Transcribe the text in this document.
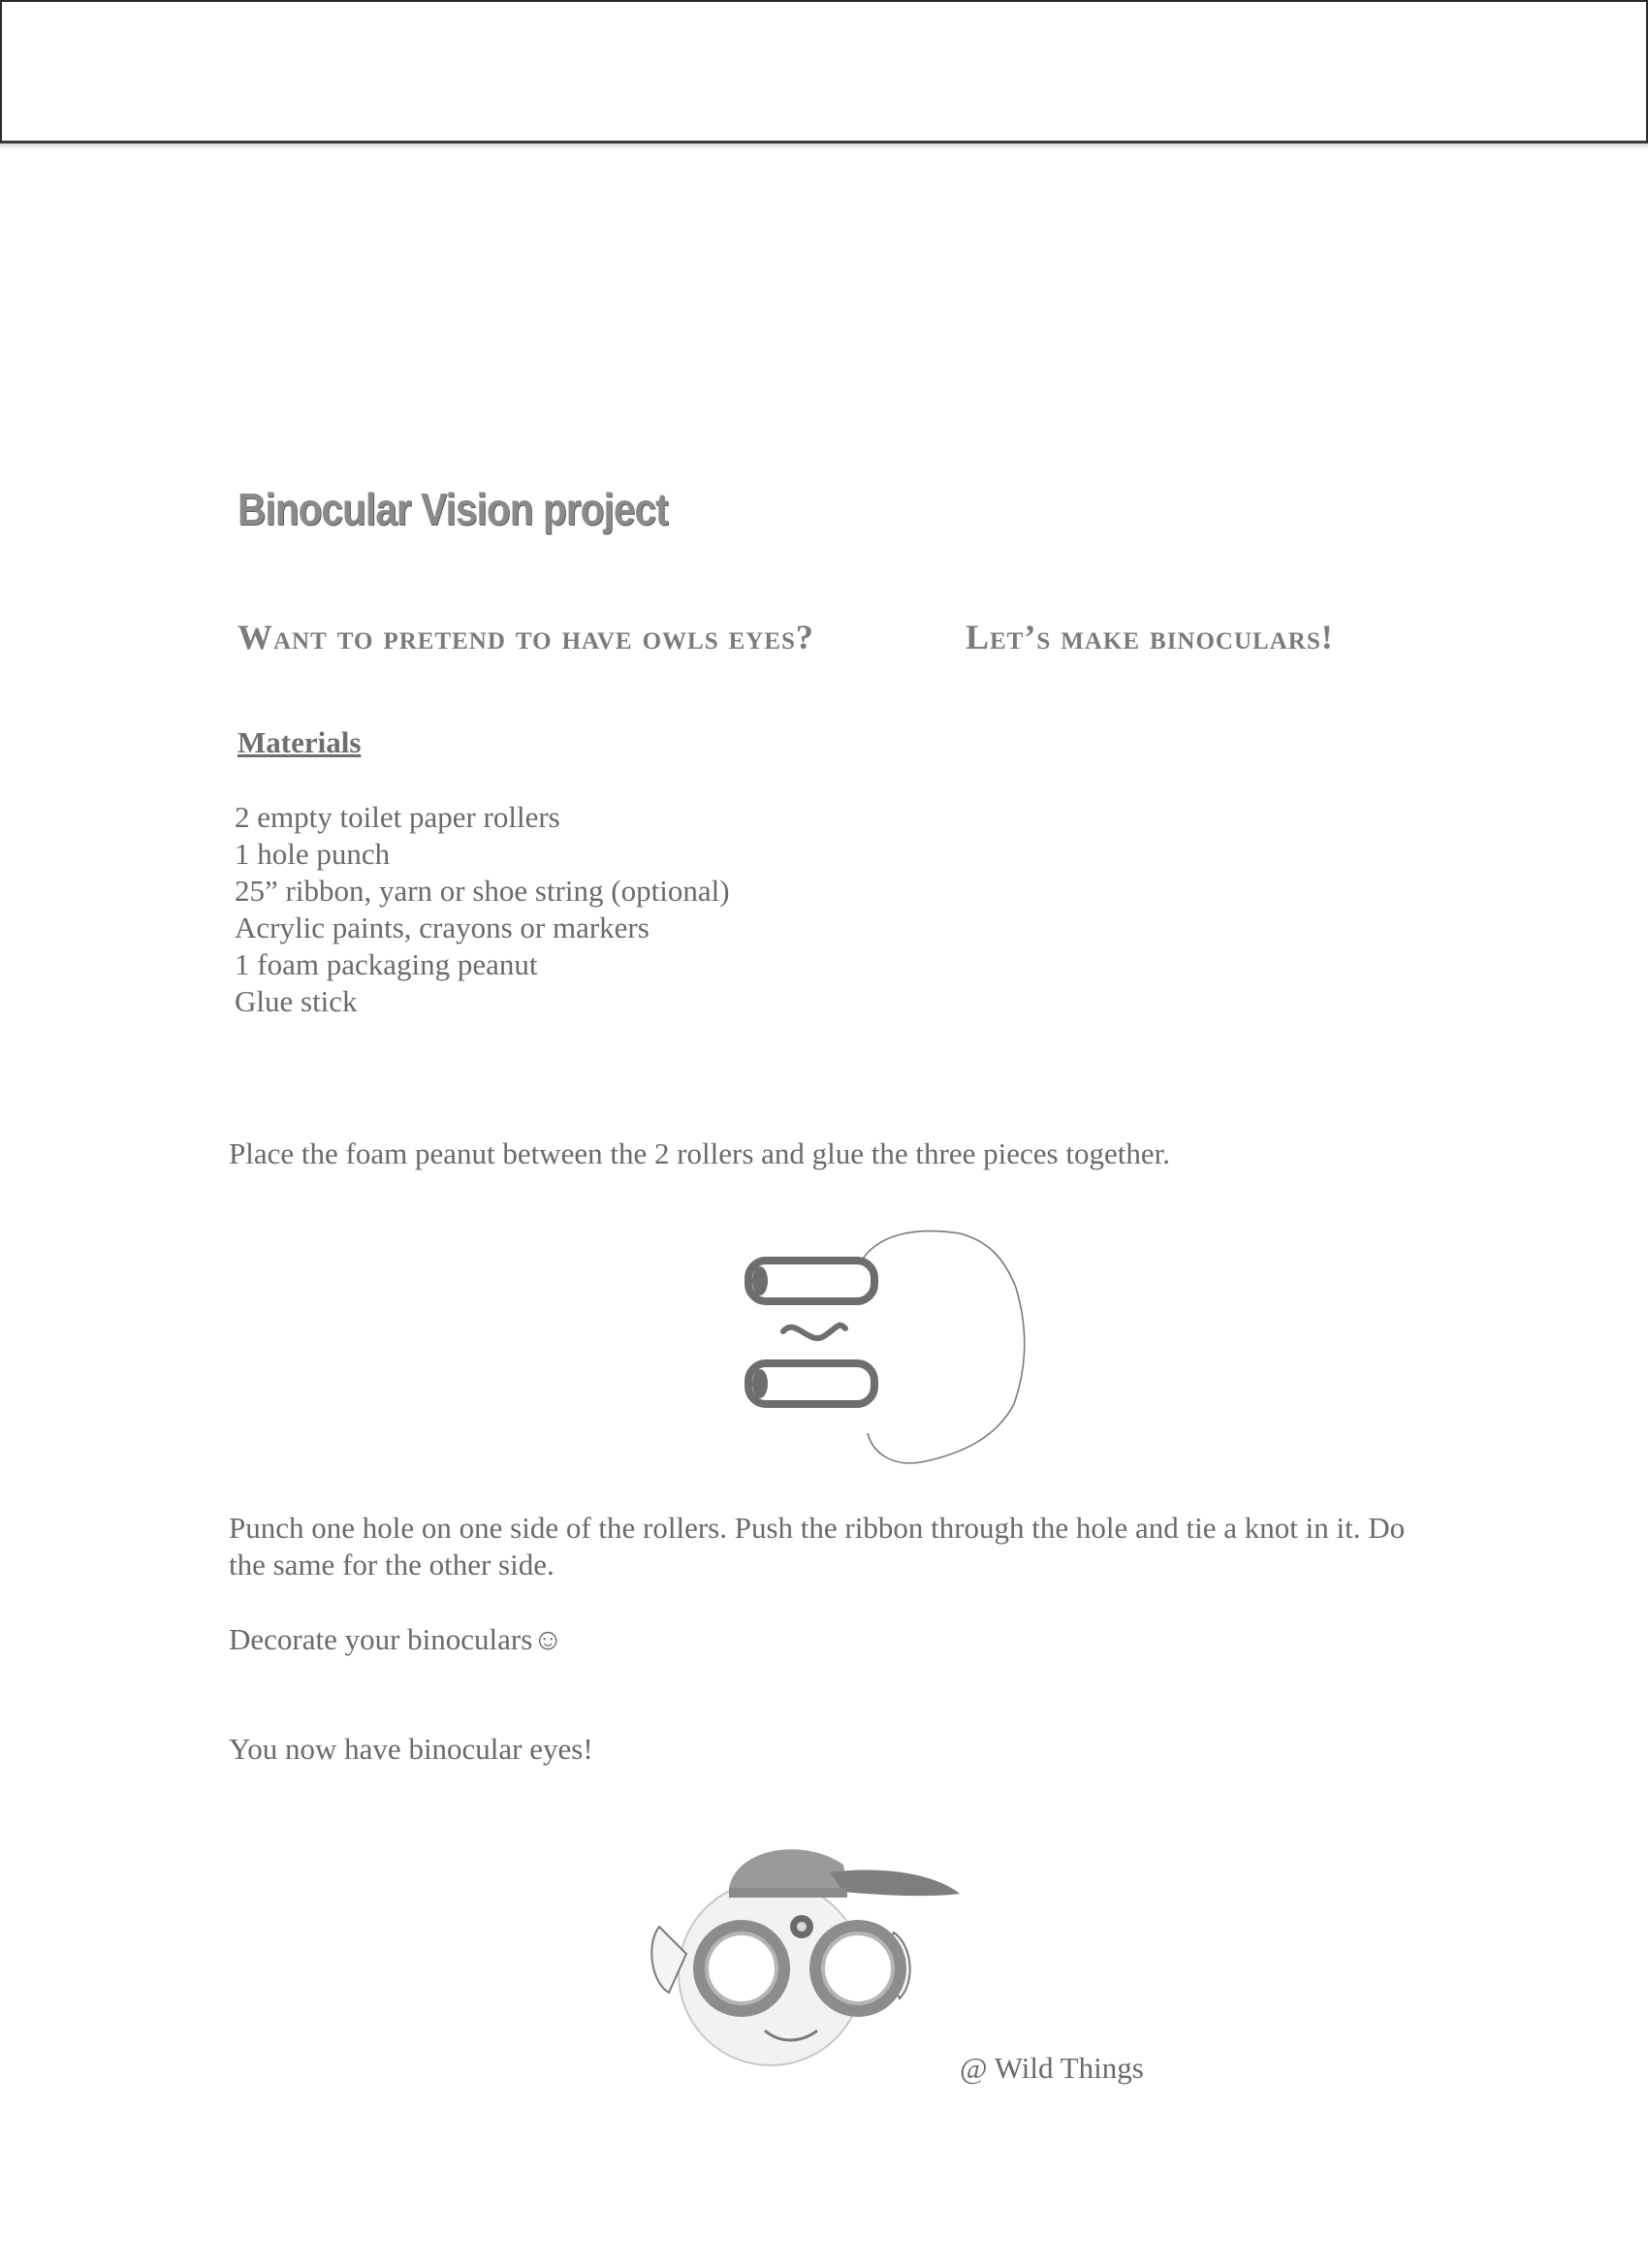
Binocular Vision project
Want to pretend to have owls eyes?	Let’s make binoculars!
Materials
2 empty toilet paper rollers
1 hole punch
25” ribbon, yarn or shoe string (optional)
Acrylic paints, crayons or markers
1 foam packaging peanut
Glue stick
Place the foam peanut between the 2 rollers and glue the three pieces together.
Punch one hole on one side of the rollers. Push the ribbon through the hole and tie a knot in it. Do the same for the other side.
Decorate your binoculars☺
You now have binocular eyes!
@ Wild Things
